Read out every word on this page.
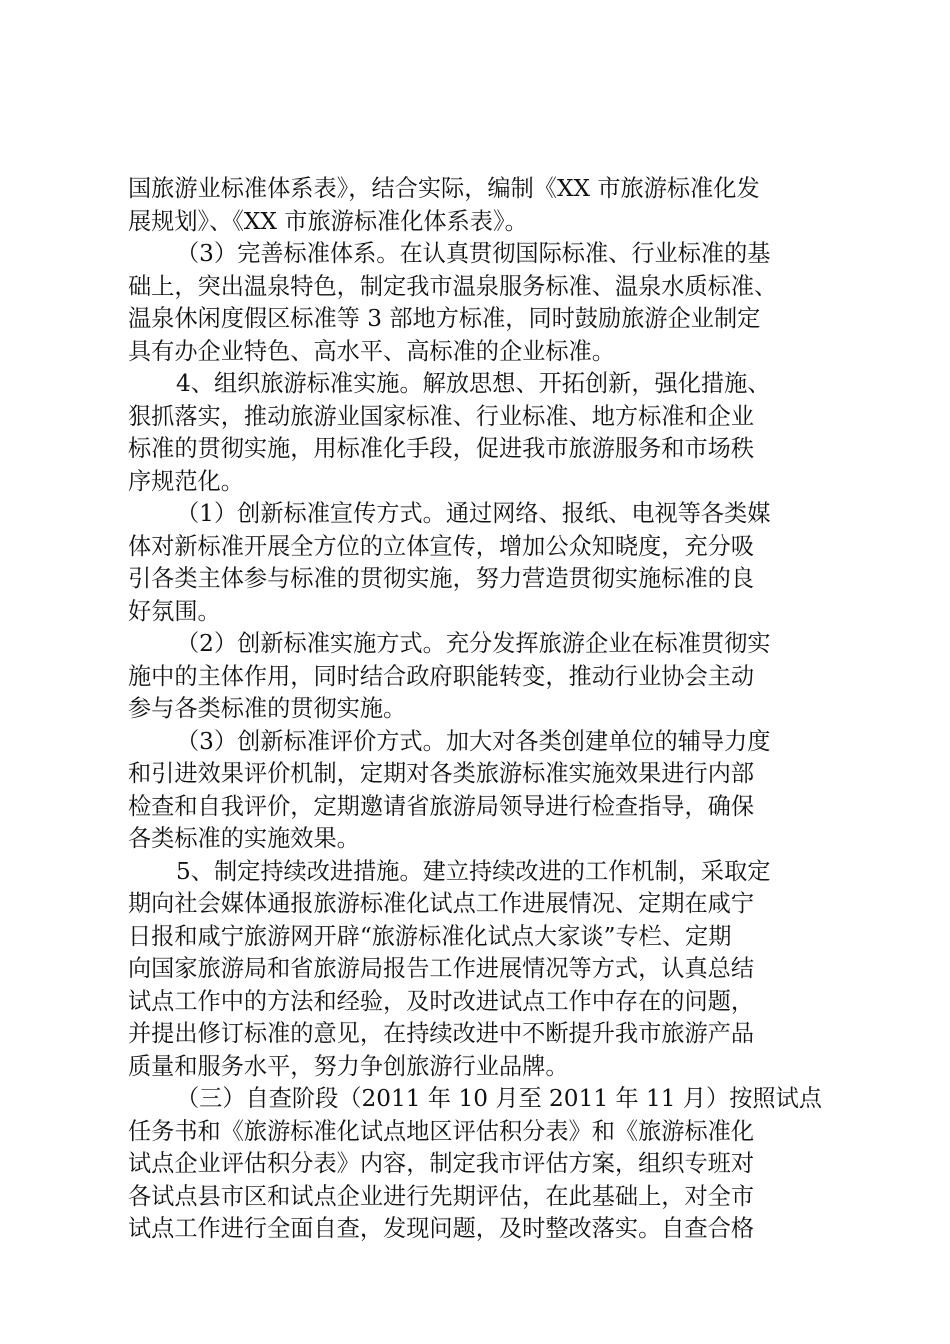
国旅游业标准体系表》，结合实际，编制《XX 市旅游标准化发
展规划》、《XX 市旅游标准化体系表》。
（3）完善标准体系。在认真贯彻国际标准、行业标准的基
础上，突出温泉特色，制定我市温泉服务标准、温泉水质标准、
温泉休闲度假区标准等 3 部地方标准，同时鼓励旅游企业制定
具有办企业特色、高水平、高标准的企业标准。
4、组织旅游标准实施。解放思想、开拓创新，强化措施、
狠抓落实，推动旅游业国家标准、行业标准、地方标准和企业
标准的贯彻实施，用标准化手段，促进我市旅游服务和市场秩
序规范化。
（1）创新标准宣传方式。通过网络、报纸、电视等各类媒
体对新标准开展全方位的立体宣传，增加公众知晓度，充分吸
引各类主体参与标准的贯彻实施，努力营造贯彻实施标准的良
好氛围。
（2）创新标准实施方式。充分发挥旅游企业在标准贯彻实
施中的主体作用，同时结合政府职能转变，推动行业协会主动
参与各类标准的贯彻实施。
（3）创新标准评价方式。加大对各类创建单位的辅导力度
和引进效果评价机制，定期对各类旅游标准实施效果进行内部
检查和自我评价，定期邀请省旅游局领导进行检查指导，确保
各类标准的实施效果。
5、制定持续改进措施。建立持续改进的工作机制，采取定
期向社会媒体通报旅游标准化试点工作进展情况、定期在咸宁
日报和咸宁旅游网开辟“旅游标准化试点大家谈”专栏、定期
向国家旅游局和省旅游局报告工作进展情况等方式，认真总结
试点工作中的方法和经验，及时改进试点工作中存在的问题，
并提出修订标准的意见，在持续改进中不断提升我市旅游产品
质量和服务水平，努力争创旅游行业品牌。
（三）自查阶段（2011 年 10 月至 2011 年 11 月）按照试点
任务书和《旅游标准化试点地区评估积分表》和《旅游标准化
试点企业评估积分表》内容，制定我市评估方案，组织专班对
各试点县市区和试点企业进行先期评估，在此基础上，对全市
试点工作进行全面自查，发现问题，及时整改落实。自查合格
